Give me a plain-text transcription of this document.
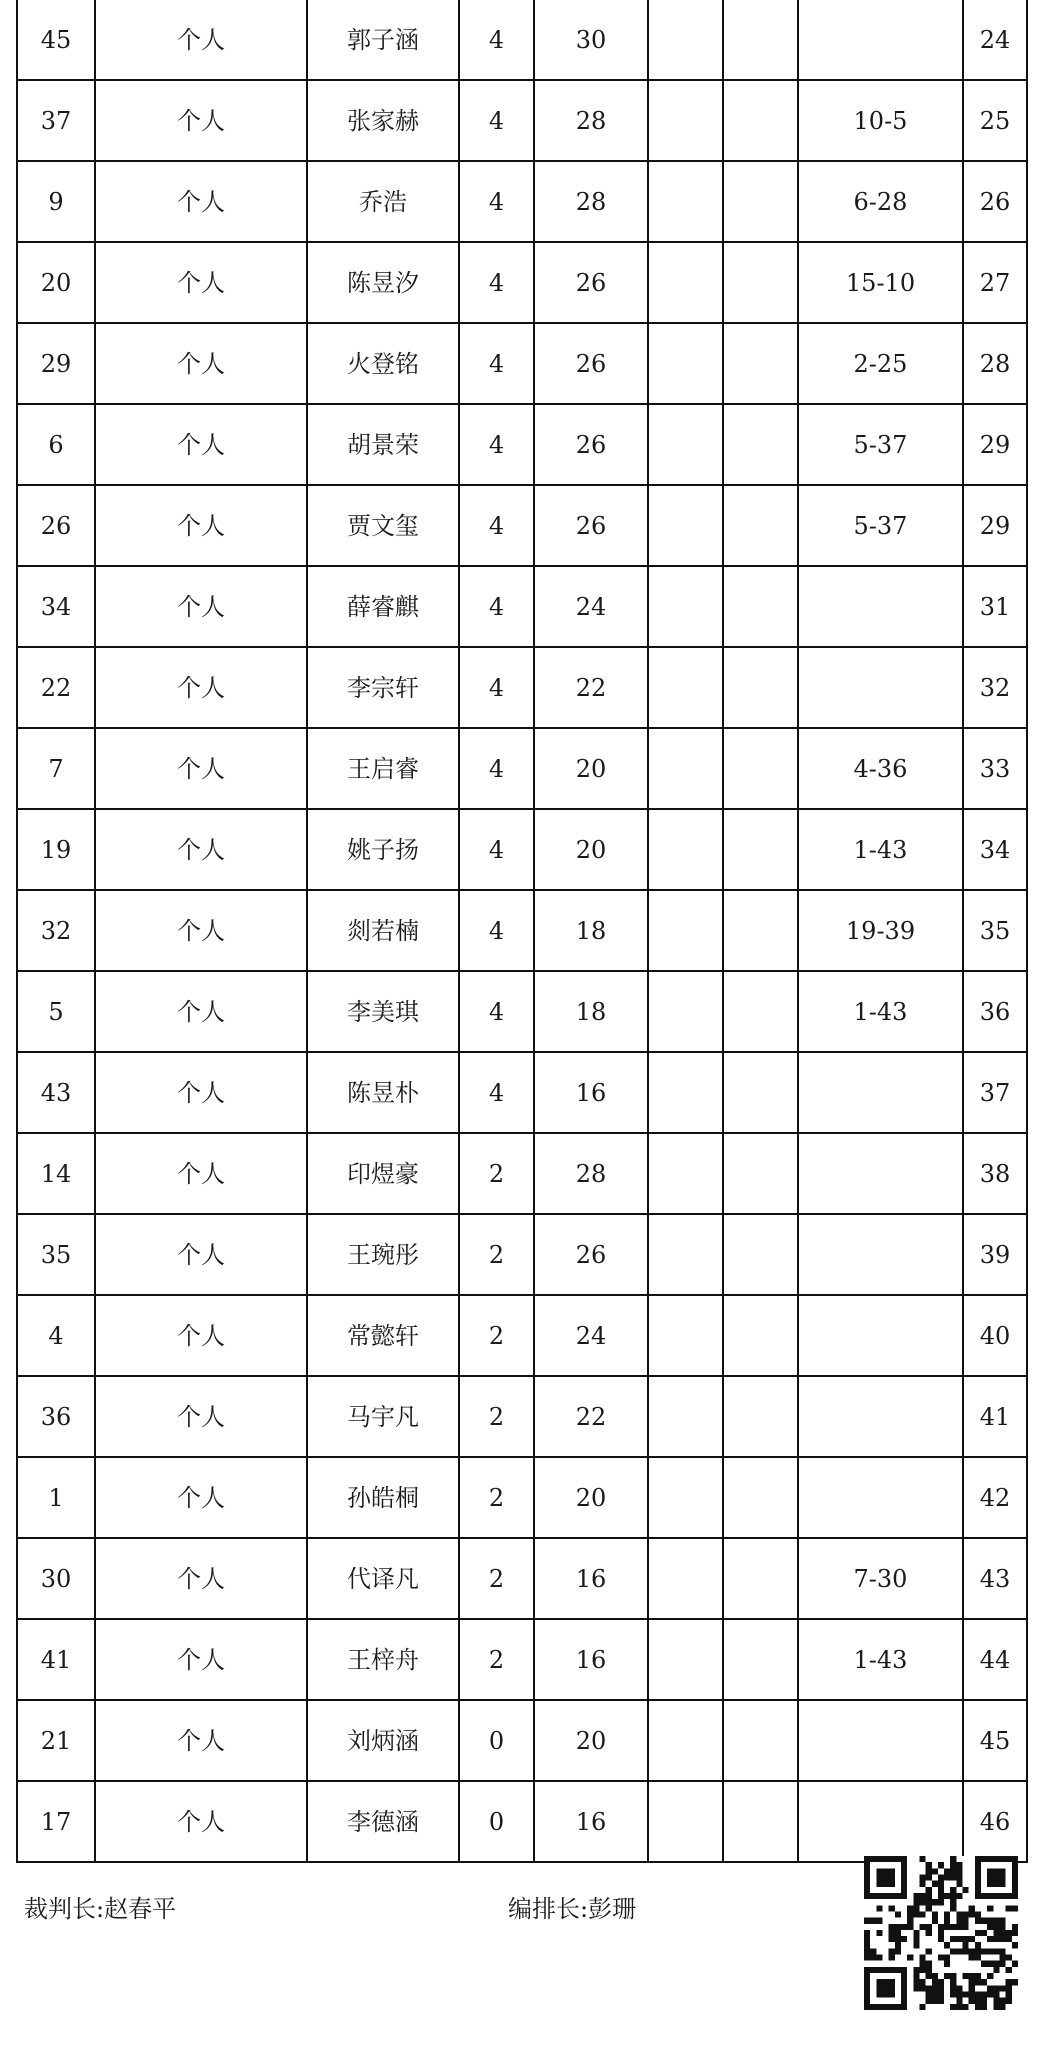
45	个人	郭子涵	4	30				24
37	个人	张家赫	4	28			10-5	25
9	个人	乔浩	4	28			6-28	26
20	个人	陈昱汐	4	26			15-10	27
29	个人	火登铭	4	26			2-25	28
6	个人	胡景荣	4	26			5-37	29
26	个人	贾文玺	4	26			5-37	29
34	个人	薛睿麒	4	24				31
22	个人	李宗轩	4	22				32
7	个人	王启睿	4	20			4-36	33
19	个人	姚子扬	4	20			1-43	34
32	个人	剡若楠	4	18			19-39	35
5	个人	李美琪	4	18			1-43	36
43	个人	陈昱朴	4	16				37
14	个人	印煜豪	2	28				38
35	个人	王琬彤	2	26				39
4	个人	常懿轩	2	24				40
36	个人	马宇凡	2	22				41
1	个人	孙皓桐	2	20				42
30	个人	代译凡	2	16			7-30	43
41	个人	王梓舟	2	16			1-43	44
21	个人	刘炳涵	0	20				45
17	个人	李德涵	0	16				46
裁判长:赵春平	编排长:彭珊
